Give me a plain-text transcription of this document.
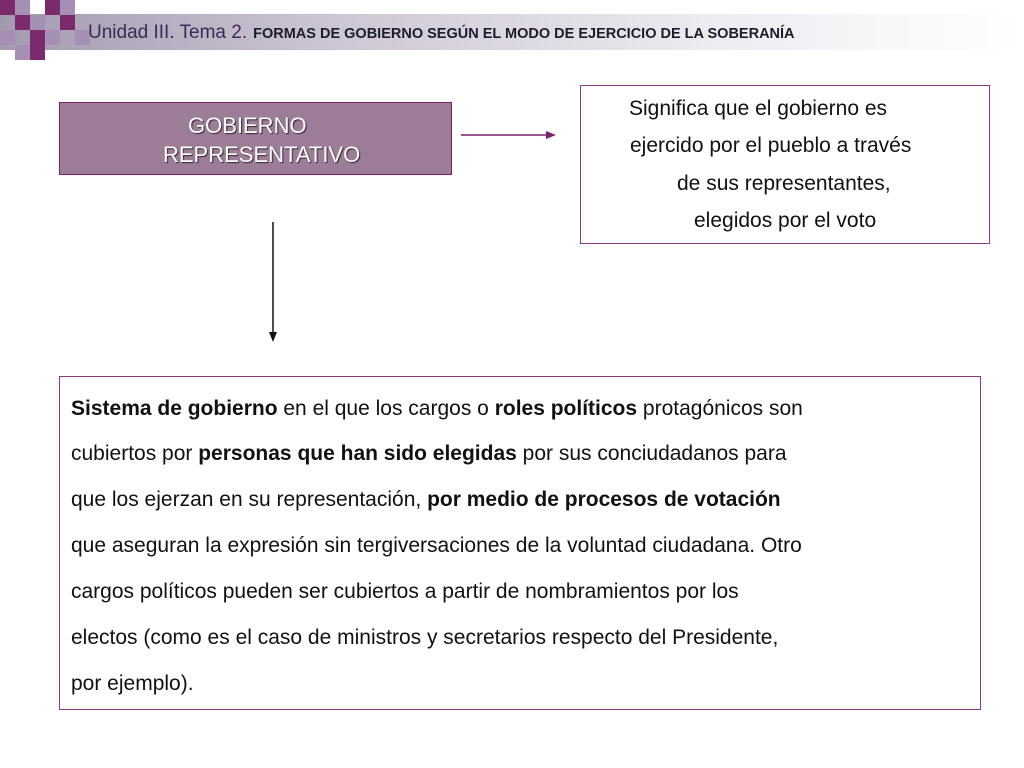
Unidad III. Tema 2. FORMAS DE GOBIERNO SEGÚN EL MODO DE EJERCICIO DE LA SOBERANÍA
GOBIERNO
REPRESENTATIVO
Significa que el gobierno es
ejercido por el pueblo a través
de sus representantes,
elegidos por el voto
Sistema de gobierno en el que los cargos o roles políticos protagónicos son
cubiertos por personas que han sido elegidas por sus conciudadanos para
que los ejerzan en su representación, por medio de procesos de votación
que aseguran la expresión sin tergiversaciones de la voluntad ciudadana. Otro
cargos políticos pueden ser cubiertos a partir de nombramientos por los
electos (como es el caso de ministros y secretarios respecto del Presidente,
por ejemplo).
